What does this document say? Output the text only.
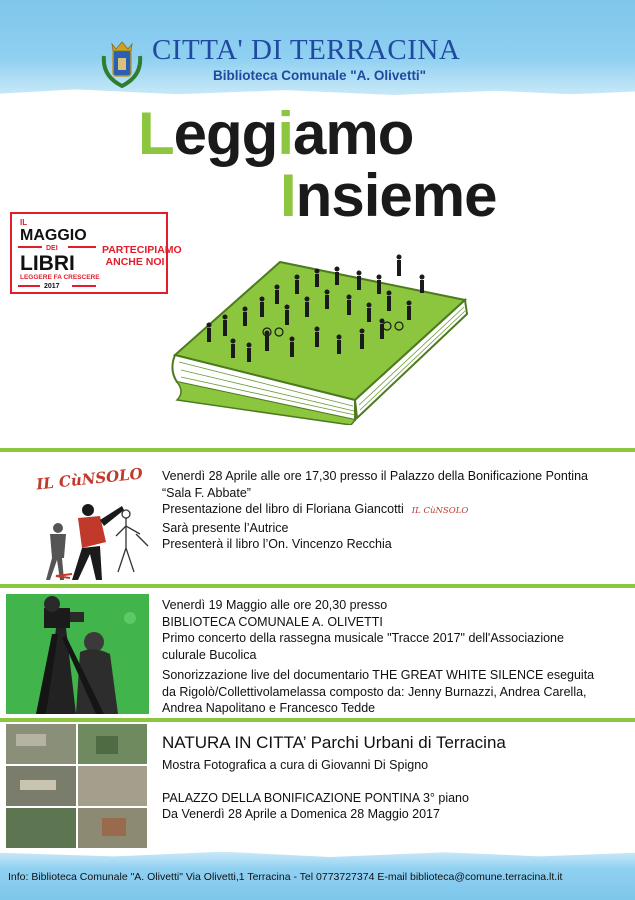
CITTA' DI TERRACINA
Biblioteca Comunale "A. Olivetti"
Leggiamo
Insieme
IL
MAGGIO
DEI
LIBRI
LEGGERE FA CRESCERE
2017
PARTECIPIAMO ANCHE NOI
IL CùNSOLO Venerdì 28 Aprile alle ore 17,30 presso il Palazzo della Bonificazione Pontina
“Sala F. Abbate”
Presentazione del libro di Floriana Giancotti IL CùNSOLO
Sarà presente l’Autrice
Presenterà il libro l’On. Vincenzo Recchia
Venerdì 19 Maggio alle ore 20,30 presso
BIBLIOTECA COMUNALE A. OLIVETTI
Primo concerto della rassegna musicale "Tracce 2017" dell'Associazione
culurale Bucolica
Sonorizzazione live del documentario THE GREAT WHITE SILENCE eseguita
da Rigolò/Collettivolamelassa composto da: Jenny Burnazzi, Andrea Carella,
Andrea Napolitano e Francesco Tedde
NATURA IN CITTA’ Parchi Urbani di Terracina
Mostra Fotografica a cura di Giovanni Di Spigno
PALAZZO DELLA BONIFICAZIONE PONTINA 3° piano
Da Venerdì 28 Aprile a Domenica 28 Maggio 2017
Info: Biblioteca Comunale "A. Olivetti" Via Olivetti,1 Terracina - Tel 0773727374 E-mail biblioteca@comune.terracina.lt.it
